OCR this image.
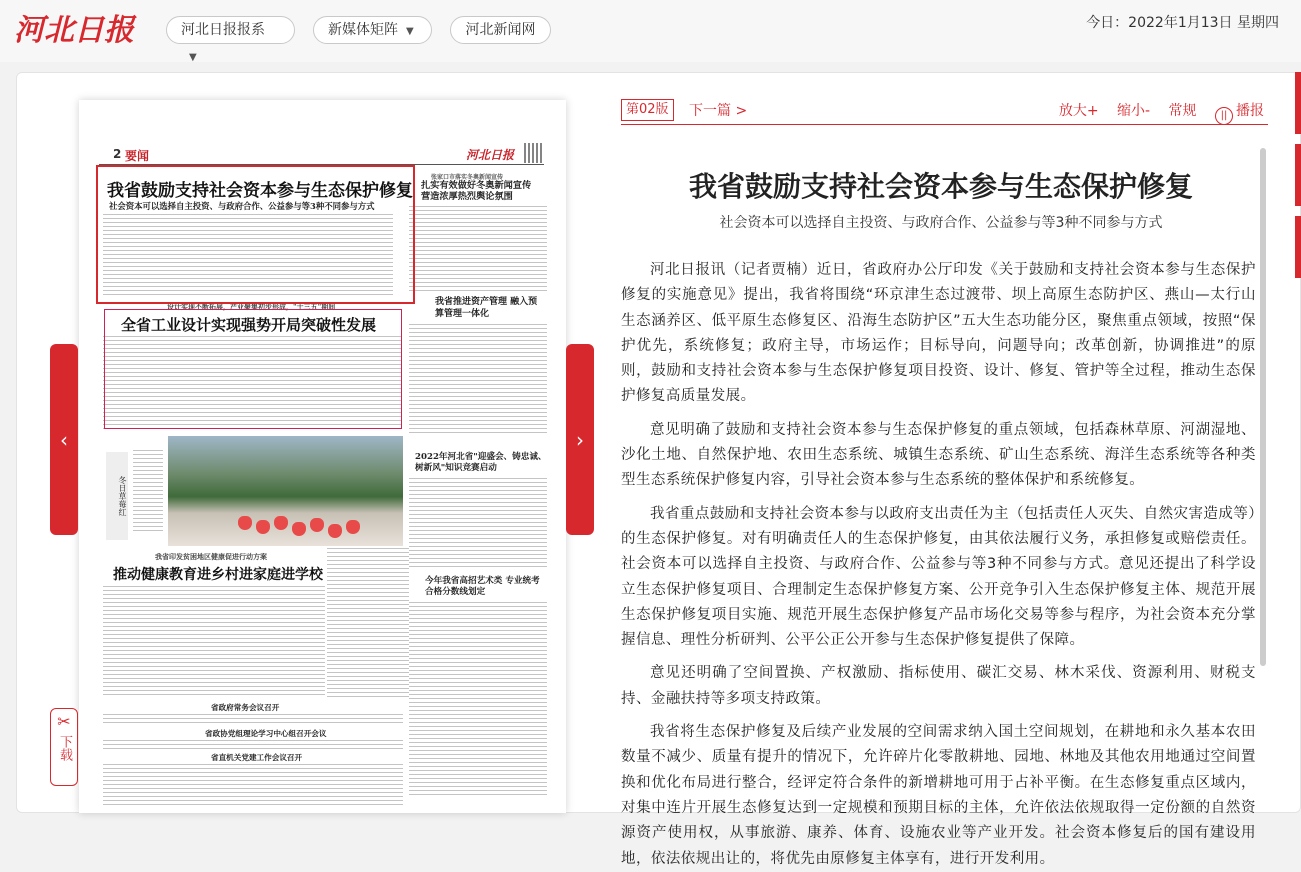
河北日报	河北日报报系▼
新媒体矩阵 ▼	河北新闻网	今日：2022年1月13日 星期四
2 要闻	河北日报
我省鼓励支持社会资本参与生态保护修复
社会资本可以选择自主投资、与政府合作、公益参与等3种不同参与方式
张家口市落实冬奥新闻宣传
扎实有效做好冬奥新闻宣传 营造浓厚热烈舆论氛围
设计实现不断拓展，产业聚集初步形成，"十三五"期间
全省工业设计实现强势开局突破性发展
我省推进资产管理 融入预算管理一体化
冬日草莓红
2022年河北省"迎盛会、铸忠诚、树新风"知识竞赛启动
我省印发贫困地区健康促进行动方案
推动健康教育进乡村进家庭进学校	今年我省高招艺术类 专业统考合格分数线划定
省政府常务会议召开
省政协党组理论学习中心组召开会议
省直机关党建工作会议召开
‹	›
✂
下载
第02版	下一篇 >	放大+ 缩小- 常规 || 播报
我省鼓励支持社会资本参与生态保护修复
社会资本可以选择自主投资、与政府合作、公益参与等3种不同参与方式

河北日报讯（记者贾楠）近日，省政府办公厅印发《关于鼓励和支持社会资本参与生态保护修复的实施意见》提出，我省将围绕“环京津生态过渡带、坝上高原生态防护区、燕山—太行山生态涵养区、低平原生态修复区、沿海生态防护区”五大生态功能分区，聚焦重点领域，按照“保护优先，系统修复；政府主导，市场运作；目标导向，问题导向；改革创新，协调推进”的原则，鼓励和支持社会资本参与生态保护修复项目投资、设计、修复、管护等全过程，推动生态保护修复高质量发展。

意见明确了鼓励和支持社会资本参与生态保护修复的重点领域，包括森林草原、河湖湿地、沙化土地、自然保护地、农田生态系统、城镇生态系统、矿山生态系统、海洋生态系统等各种类型生态系统保护修复内容，引导社会资本参与生态系统的整体保护和系统修复。

我省重点鼓励和支持社会资本参与以政府支出责任为主（包括责任人灭失、自然灾害造成等）的生态保护修复。对有明确责任人的生态保护修复，由其依法履行义务，承担修复或赔偿责任。社会资本可以选择自主投资、与政府合作、公益参与等3种不同参与方式。意见还提出了科学设立生态保护修复项目、合理制定生态保护修复方案、公开竞争引入生态保护修复主体、规范开展生态保护修复项目实施、规范开展生态保护修复产品市场化交易等参与程序，为社会资本充分掌握信息、理性分析研判、公平公正公开参与生态保护修复提供了保障。

意见还明确了空间置换、产权激励、指标使用、碳汇交易、林木采伐、资源利用、财税支持、金融扶持等多项支持政策。

我省将生态保护修复及后续产业发展的空间需求纳入国土空间规划，在耕地和永久基本农田数量不减少、质量有提升的情况下，允许碎片化零散耕地、园地、林地及其他农用地通过空间置换和优化布局进行整合，经评定符合条件的新增耕地可用于占补平衡。在生态修复重点区域内，对集中连片开展生态修复达到一定规模和预期目标的主体，允许依法依规取得一定份额的自然资源资产使用权，从事旅游、康养、体育、设施农业等产业开发。社会资本修复后的国有建设用地，依法依规出让的，将优先由原修复主体享有，进行开发利用。
